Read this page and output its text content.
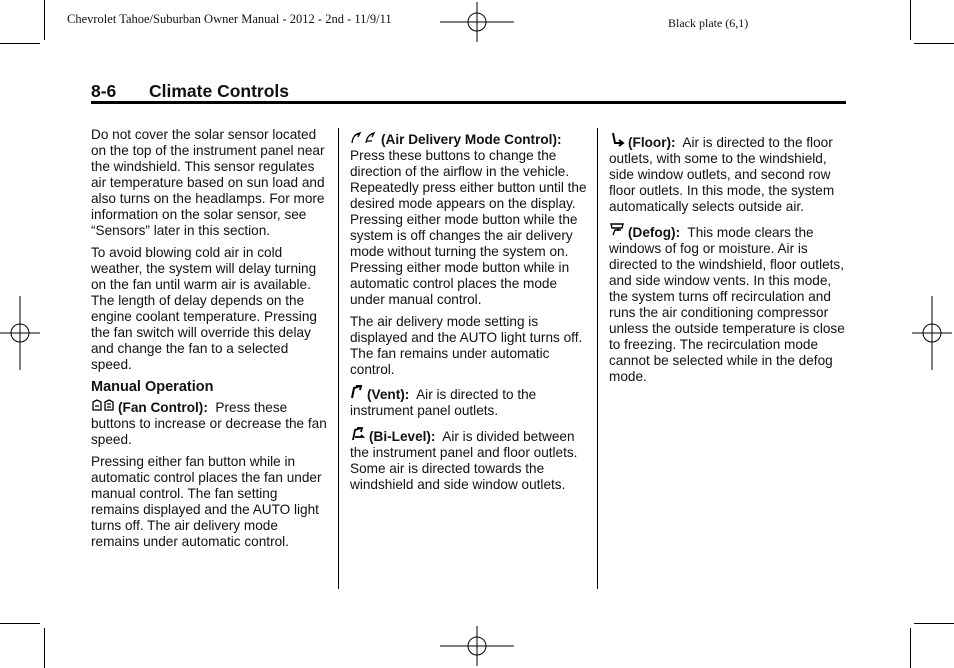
Chevrolet Tahoe/Suburban Owner Manual - 2012 - 2nd - 11/9/11	Black plate (6,1)
8-6 Climate Controls

Do not cover the solar sensor located on the top of the instrument panel near the windshield. This sensor regulates air temperature based on sun load and also turns on the headlamps. For more information on the solar sensor, see “Sensors” later in this section.

To avoid blowing cold air in cold weather, the system will delay turning on the fan until warm air is available. The length of delay depends on the engine coolant temperature. Pressing the fan switch will override this delay and change the fan to a selected speed.

Manual Operation

(Fan Control): Press these buttons to increase or decrease the fan speed.

Pressing either fan button while in automatic control places the fan under manual control. The fan setting remains displayed and the AUTO light turns off. The air delivery mode remains under automatic control.

(Air Delivery Mode Control): Press these buttons to change the direction of the airflow in the vehicle. Repeatedly press either button until the desired mode appears on the display. Pressing either mode button while the system is off changes the air delivery mode without turning the system on. Pressing either mode button while in automatic control places the mode under manual control.

The air delivery mode setting is displayed and the AUTO light turns off. The fan remains under automatic control.

(Vent): Air is directed to the instrument panel outlets.

(Bi-Level): Air is divided between the instrument panel and floor outlets. Some air is directed towards the windshield and side window outlets.

(Floor): Air is directed to the floor outlets, with some to the windshield, side window outlets, and second row floor outlets. In this mode, the system automatically selects outside air.

(Defog): This mode clears the windows of fog or moisture. Air is directed to the windshield, floor outlets, and side window vents. In this mode, the system turns off recirculation and runs the air conditioning compressor unless the outside temperature is close to freezing. The recirculation mode cannot be selected while in the defog mode.
